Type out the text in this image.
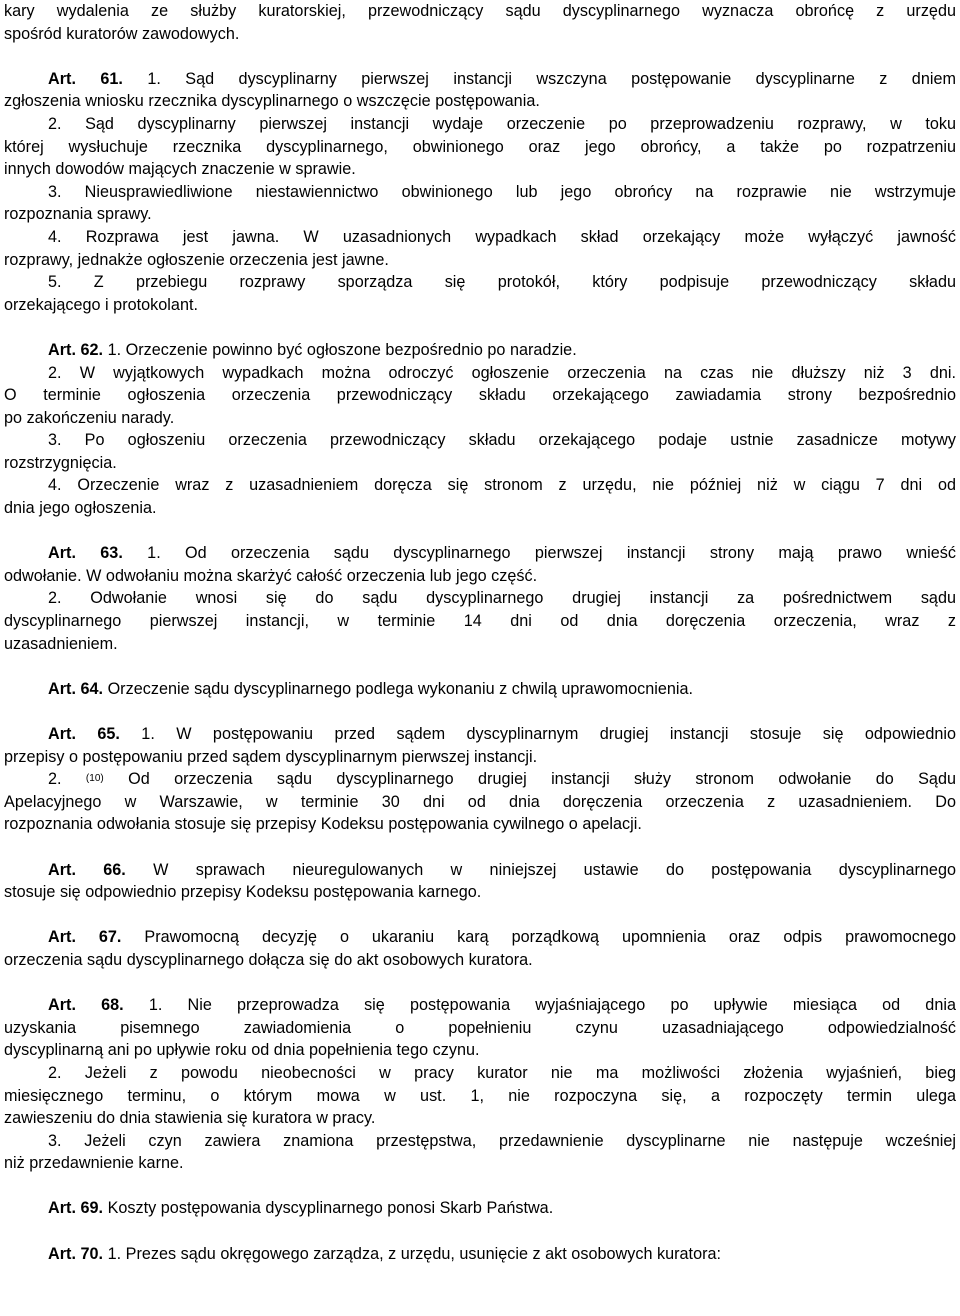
kary wydalenia ze służby kuratorskiej, przewodniczący sądu dyscyplinarnego wyznacza obrońcę z urzędu
spośród kuratorów zawodowych.
Art. 61. 1. Sąd dyscyplinarny pierwszej instancji wszczyna postępowanie dyscyplinarne z dniem
zgłoszenia wniosku rzecznika dyscyplinarnego o wszczęcie postępowania.
2. Sąd dyscyplinarny pierwszej instancji wydaje orzeczenie po przeprowadzeniu rozprawy, w toku
której wysłuchuje rzecznika dyscyplinarnego, obwinionego oraz jego obrońcy, a także po rozpatrzeniu
innych dowodów mających znaczenie w sprawie.
3. Nieusprawiedliwione niestawiennictwo obwinionego lub jego obrońcy na rozprawie nie wstrzymuje
rozpoznania sprawy.
4. Rozprawa jest jawna. W uzasadnionych wypadkach skład orzekający może wyłączyć jawność
rozprawy, jednakże ogłoszenie orzeczenia jest jawne.
5. Z przebiegu rozprawy sporządza się protokół, który podpisuje przewodniczący składu
orzekającego i protokolant.
Art. 62. 1. Orzeczenie powinno być ogłoszone bezpośrednio po naradzie.
2. W wyjątkowych wypadkach można odroczyć ogłoszenie orzeczenia na czas nie dłuższy niż 3 dni.
O terminie ogłoszenia orzeczenia przewodniczący składu orzekającego zawiadamia strony bezpośrednio
po zakończeniu narady.
3. Po ogłoszeniu orzeczenia przewodniczący składu orzekającego podaje ustnie zasadnicze motywy
rozstrzygnięcia.
4. Orzeczenie wraz z uzasadnieniem doręcza się stronom z urzędu, nie później niż w ciągu 7 dni od
dnia jego ogłoszenia.
Art. 63. 1. Od orzeczenia sądu dyscyplinarnego pierwszej instancji strony mają prawo wnieść
odwołanie. W odwołaniu można skarżyć całość orzeczenia lub jego część.
2. Odwołanie wnosi się do sądu dyscyplinarnego drugiej instancji za pośrednictwem sądu
dyscyplinarnego pierwszej instancji, w terminie 14 dni od dnia doręczenia orzeczenia, wraz z
uzasadnieniem.
Art. 64. Orzeczenie sądu dyscyplinarnego podlega wykonaniu z chwilą uprawomocnienia.
Art. 65. 1. W postępowaniu przed sądem dyscyplinarnym drugiej instancji stosuje się odpowiednio
przepisy o postępowaniu przed sądem dyscyplinarnym pierwszej instancji.
2. $^{(10)}$ Od orzeczenia sądu dyscyplinarnego drugiej instancji służy stronom odwołanie do Sądu
Apelacyjnego w Warszawie, w terminie 30 dni od dnia doręczenia orzeczenia z uzasadnieniem. Do
rozpoznania odwołania stosuje się przepisy Kodeksu postępowania cywilnego o apelacji.
Art. 66. W sprawach nieuregulowanych w niniejszej ustawie do postępowania dyscyplinarnego
stosuje się odpowiednio przepisy Kodeksu postępowania karnego.
Art. 67. Prawomocną decyzję o ukaraniu karą porządkową upomnienia oraz odpis prawomocnego
orzeczenia sądu dyscyplinarnego dołącza się do akt osobowych kuratora.
Art. 68. 1. Nie przeprowadza się postępowania wyjaśniającego po upływie miesiąca od dnia
uzyskania pisemnego zawiadomienia o popełnieniu czynu uzasadniającego odpowiedzialność
dyscyplinarną ani po upływie roku od dnia popełnienia tego czynu.
2. Jeżeli z powodu nieobecności w pracy kurator nie ma możliwości złożenia wyjaśnień, bieg
miesięcznego terminu, o którym mowa w ust. 1, nie rozpoczyna się, a rozpoczęty termin ulega
zawieszeniu do dnia stawienia się kuratora w pracy.
3. Jeżeli czyn zawiera znamiona przestępstwa, przedawnienie dyscyplinarne nie następuje wcześniej
niż przedawnienie karne.
Art. 69. Koszty postępowania dyscyplinarnego ponosi Skarb Państwa.
Art. 70. 1. Prezes sądu okręgowego zarządza, z urzędu, usunięcie z akt osobowych kuratora:
